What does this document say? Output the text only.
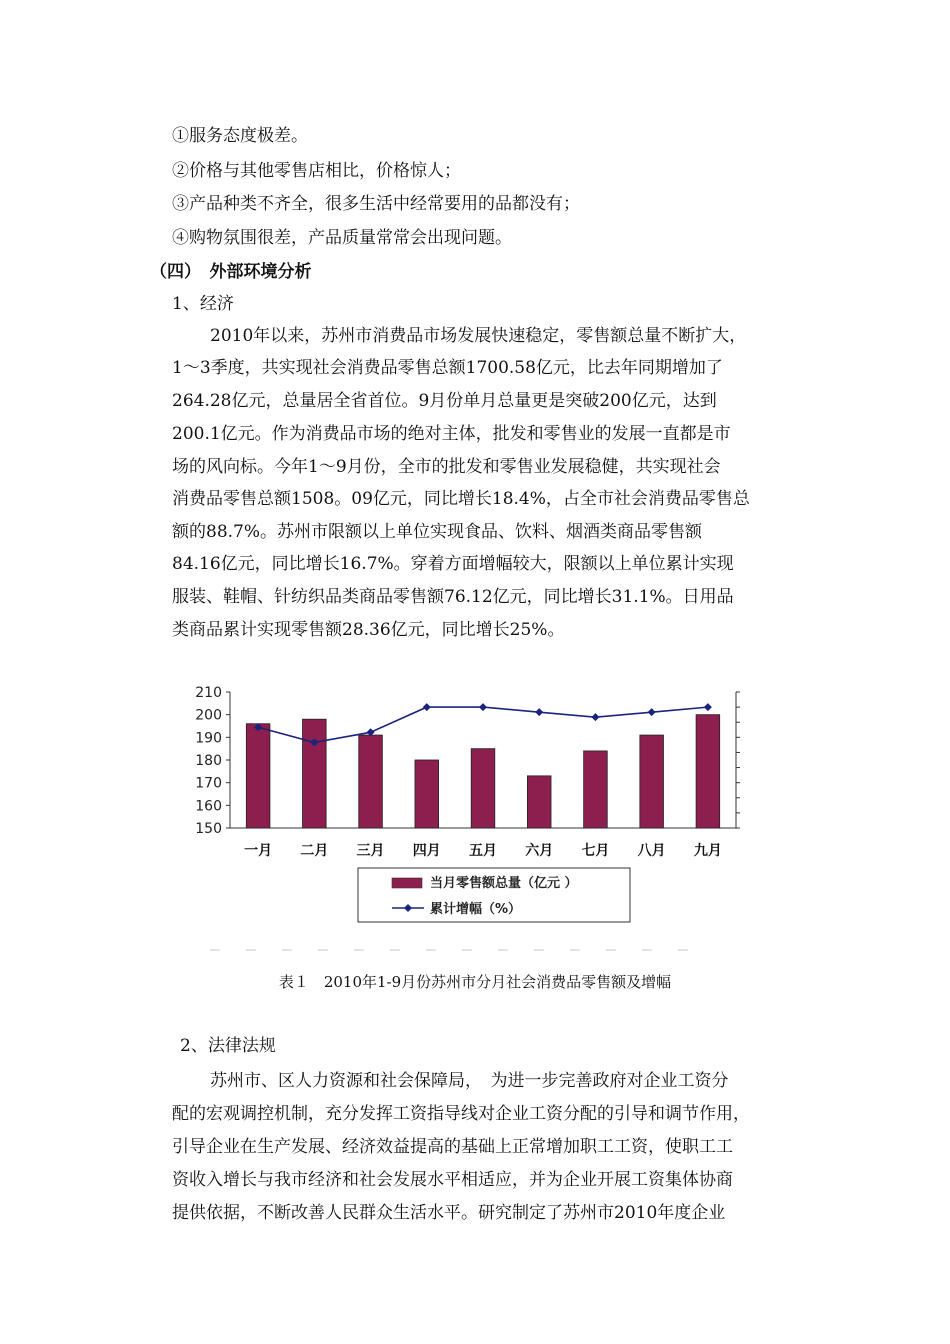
①服务态度极差。
②价格与其他零售店相比，价格惊人；
③产品种类不齐全，很多生活中经常要用的品都没有；
④购物氛围很差，产品质量常常会出现问题。
（四）　外部环境分析
1、经济
2010年以来，苏州市消费品市场发展快速稳定，零售额总量不断扩大，
1～3季度，共实现社会消费品零售总额1700.58亿元，比去年同期增加了
264.28亿元，总量居全省首位。9月份单月总量更是突破200亿元，达到
200.1亿元。作为消费品市场的绝对主体，批发和零售业的发展一直都是市
场的风向标。今年1～9月份，全市的批发和零售业发展稳健，共实现社会
消费品零售总额1508。09亿元，同比增长18.4%，占全市社会消费品零售总
额的88.7%。苏州市限额以上单位实现食品、饮料、烟酒类商品零售额
84.16亿元，同比增长16.7%。穿着方面增幅较大，限额以上单位累计实现
服装、鞋帽、针纺织品类商品零售额76.12亿元，同比增长31.1%。日用品
类商品累计实现零售额28.36亿元，同比增长25%。
150
160
170
180
190
200
210
一月 二月 三月 四月 五月 六月 七月 八月 九月
当月零售额总量（亿元 ）
累计增幅（%）
表１　2010年1-9月份苏州市分月社会消费品零售额及增幅
2、法律法规
苏州市、区人力资源和社会保障局，　为进一步完善政府对企业工资分
配的宏观调控机制，充分发挥工资指导线对企业工资分配的引导和调节作用，
引导企业在生产发展、经济效益提高的基础上正常增加职工工资，使职工工
资收入增长与我市经济和社会发展水平相适应，并为企业开展工资集体协商
提供依据，不断改善人民群众生活水平。研究制定了苏州市2010年度企业
